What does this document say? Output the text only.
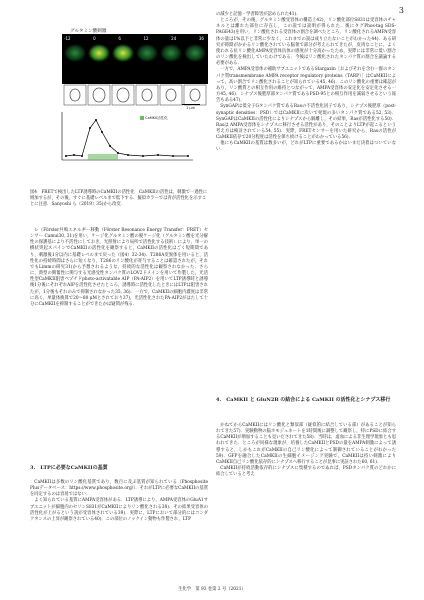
3
グルタミン酸刺激
-12	0	6	12	24	36
1 μm
CaMKII活性化
図4　FRETで検出したLTP誘導時のCaMKIIの活性化　CaMKIIの活性は，刺激で一過性に増加するが，その後，すぐに基礎レベルまで低下する．擬似カラーでは青が活性化を示すことに注意．Sanyoshi ら（2019）35)から改変．

レ（Förster共鳴エネルギー移動（Förster Resonance Energy Transfer：FRET）センサー Camui30, 31)を用い，ケージ化グルタミン酸の脱ケージ化（グルタミン酸を光分解性の保護基により不活性にしておき，光照射により局所で活性化する技術）により，単一の樹状突起スパインでCaMKIIの活性化を観察すると，CaMKIIの活性化はごく短期間であり，刺激後1分以内に基礎レベルまで戻った（図4）32-34)．T286A変異体を用いると，活性化の持続時間はさらに短くなり，T286のリン酸化が寄与することは確認されたが，それでもLimmの研究31)から予想されるような，持続的な活性化は観察されなかった．さらに，典型の興奮性に関与する光感受性タンパク質のLOV2ドメインを用いて作製した，光活性型CaMKII阻害ペプチドphoto-activatable AIP（PA-AIP2）を用いてLTP誘導時と誘導後1分後にそれぞれAIPを活性化させたところ，誘導時に活性化したときにはLTPは阻害されたが，1分後もそれのみで抑制されなかった35, 36)．一方で，CaMKIIの細胞内濃度は非常に高く，単量体換算で20〜80 μMとされており37)，光活性化されたPA-AIP2がはたして十分にCaMKIIを抑制することができたかは疑問が残る．

3.　LTPに必要なCaMKIIの基質

CaMKIIは多数のリン酸化基質であり，数百に及ぶ基質が知られている（Phosphosite Plusデータベース：https://www.phosphosite.org/）．それがLTPに必要なCaMKIIの基質を同定するのは容易ではない．

よく知られている基質にAMPA受容体がある．LTP誘導により，AMPA受容体のGluA1サブユニットが細胞内のセリンS831がCaMKIIによりリン酸化される38)．その結果受容体の活性化が上がるという説が受容体されている39)．実際に，LTPにおいて部分的にはコンダクタンスの上昇が観察されている40)．この部位のノックイン動物も作製され，LTP

の減少と記憶・学習障害が認められた41)．

ところが，その後，グルタミン酸受容体の構造上42)，リン酸化部位S831は受容体のチャネルとは離れた部位に存在し，この説では説明が得られた．後にタグPhos-tag SDS-PAGE43)を用い，リン酸化される受容体の割合を調べたところ，リン酸化されるAMPA受容体の量は1%以下と非常に少なく，これまでの説は成り立たないことがわかった44)．ある研究が時間がかかるリン酸化されている脳領で部分が考えられてきたが，皮肉なことに，よく使われる抗リン酸化AMPA受容体抗体の感度が十分高かったため，実際には非常に低い割合のリン酸化を検出していたわけである．今後はリン酸化されたタンパク質の割合を議論する必要がある．

一方で，AMPA受容体の補助サブユニットであるStargazin［およびそれを含む一群のタンパク質transmembrane AMPA receptor regulatory proteins（TARP）］はCaMKIIによって，高い割合でリン酸化されることが知られている45, 46)．このリン酸化の重要は確認があり，リン酸質との相互作用の維持とつながって，AMPA受容体の安定化を安定化させる一方45, 46)．シナプス後肥厚部タンパク質であるPSD-95との相互作用を減弱させるという報告もある47)．

SynGAPは低分子Gタンパク質であるRasの不活性化因子であり，シナプス後肥厚（post-synaptic densities：PSD）ではCaMKIIに次いで発現の多いタンパク質である52, 53)．SynGAPはCaMKIIの活性化によりシナプスから解離し，その結果，Rasが活性化する50)．Rasは AMPA受容体をシナプスに移行させる活性があり，そのことよりLTPが起こるという考え方は検討されている54, 55)．実際，FRETセンサーを用いた研究から，Rasの活性がCaMKII依存で20分程度は活性を保ち続けることがわかっている56)．

他にもCaMKIIの基質は数多いが，どれがLTPに重要であるかはいまだ決着はついていない．

4.　CaMKII と GluN2B の結合による CaMKII の活性化とシナプス移行

かねてからCaMKIIにはリン酸化と類似部（疑似的に結合している部）があることが知られてきた57)．実験動物の脳ホモジェネートを1時間後に調整して観察し，特にPSDに結合するCaMKIIが増加することも見いだされてきた58)．当時は，虚血による非生理学現象とも思われてきた．ところが同様な現象が，培養したCaMKIIとPSDの量をAMPA刺激によって誘導すると，しかもこれがCaMKIIの自己リン酸化によって制御されていることがわかった59)．GFPを融合したCaMKIIの生細胞イメージング実験で，CaMKIIは持い刺激によりCaMKII自己リン酸化依存的にシナプスへ移行することが見事に実証された60, 61)．

CaMKIIが持続活動依存的にシナプスに集積するのであれば，PSDタンパク質のどれかに結合していると考え

生化学　第 93 巻第 2 号（2021）
